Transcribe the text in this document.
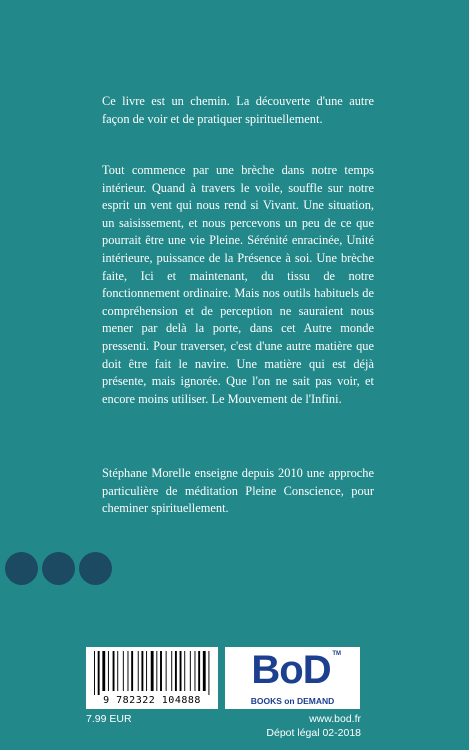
Ce livre est un chemin. La découverte d'une autre façon de voir et de pratiquer spirituellement.
Tout commence par une brèche dans notre temps intérieur. Quand à travers le voile, souffle sur notre esprit un vent qui nous rend si Vivant. Une situation, un saisissement, et nous percevons un peu de ce que pourrait être une vie Pleine. Sérénité enracinée, Unité intérieure, puissance de la Présence à soi. Une brèche faite, Ici et maintenant, du tissu de notre fonctionnement ordinaire. Mais nos outils habituels de compréhension et de perception ne sauraient nous mener par delà la porte, dans cet Autre monde pressenti. Pour traverser, c'est d'une autre matière que doit être fait le navire. Une matière qui est déjà présente, mais ignorée. Que l'on ne sait pas voir, et encore moins utiliser. Le Mouvement de l'Infini.
Stéphane Morelle enseigne depuis 2010 une approche particulière de méditation Pleine Conscience, pour cheminer spirituellement.
9 782322 104888
BoD TM
BOOKS on DEMAND
7.99 EUR	www.bod.fr
Dépot légal 02-2018
